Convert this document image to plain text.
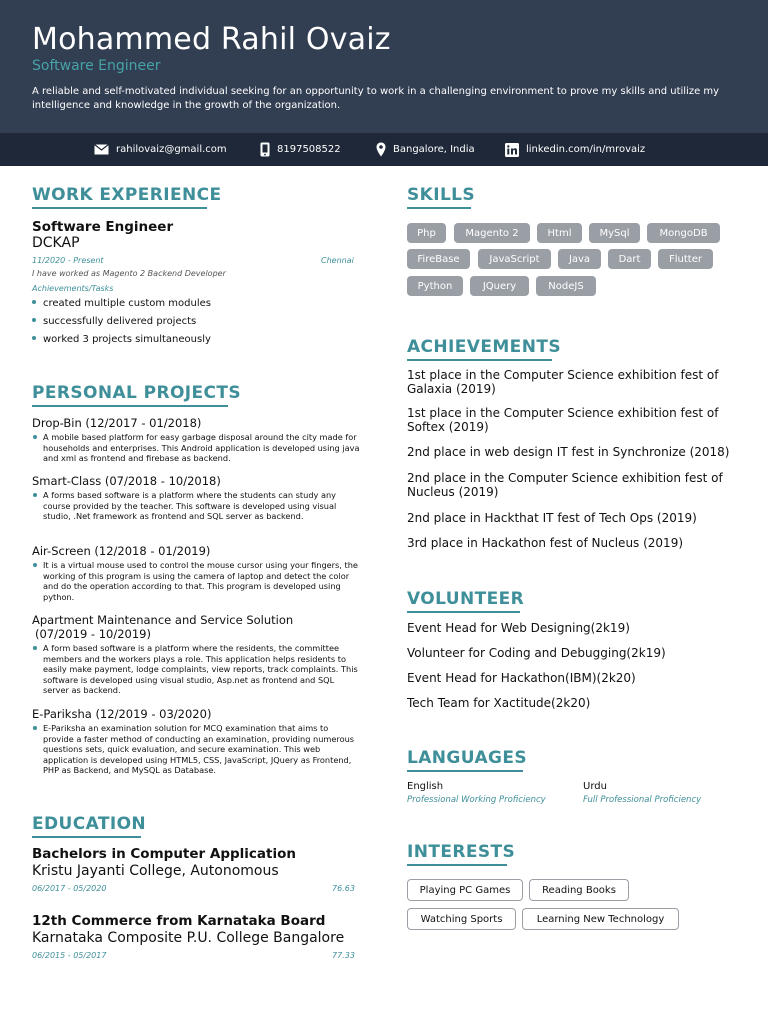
Mohammed Rahil Ovaiz
Software Engineer
A reliable and self-motivated individual seeking for an opportunity to work in a challenging environment to prove my skills and utilize my intelligence and knowledge in the growth of the organization.
rahilovaiz@gmail.com	8197508522	Bangalore, India	linkedin.com/in/mrovaiz
WORK EXPERIENCE
Software Engineer
DCKAP
11/2020 - Present	Chennai
I have worked as Magento 2 Backend Developer
Achievements/Tasks
created multiple custom modules
successfully delivered projects
worked 3 projects simultaneously
PERSONAL PROJECTS
Drop-Bin (12/2017 - 01/2018)
A mobile based platform for easy garbage disposal around the city made for households and enterprises. This Android application is developed using java and xml as frontend and firebase as backend.
Smart-Class (07/2018 - 10/2018)
A forms based software is a platform where the students can study any course provided by the teacher. This software is developed using visual studio, .Net framework as frontend and SQL server as backend.
Air-Screen (12/2018 - 01/2019)
It is a virtual mouse used to control the mouse cursor using your fingers, the working of this program is using the camera of laptop and detect the color and do the operation according to that. This program is developed using python.
Apartment Maintenance and Service Solution
(07/2019 - 10/2019)
A form based software is a platform where the residents, the committee members and the workers plays a role. This application helps residents to easily make payment, lodge complaints, view reports, track complaints. This software is developed using visual studio, Asp.net as frontend and SQL server as backend.
E-Pariksha (12/2019 - 03/2020)
E-Pariksha an examination solution for MCQ examination that aims to provide a faster method of conducting an examination, providing numerous questions sets, quick evaluation, and secure examination. This web application is developed using HTML5, CSS, JavaScript, JQuery as Frontend, PHP as Backend, and MySQL as Database.
EDUCATION
Bachelors in Computer Application
Kristu Jayanti College, Autonomous
06/2017 - 05/2020	76.63
12th Commerce from Karnataka Board
Karnataka Composite P.U. College Bangalore
06/2015 - 05/2017	77.33
SKILLS
Php	Magento 2	Html	MySql	MongoDB
FireBase	JavaScript	Java	Dart	Flutter
Python	JQuery	NodeJS
ACHIEVEMENTS
1st place in the Computer Science exhibition fest of Galaxia (2019)
1st place in the Computer Science exhibition fest of Softex (2019)
2nd place in web design IT fest in Synchronize (2018)
2nd place in the Computer Science exhibition fest of Nucleus (2019)
2nd place in Hackthat IT fest of Tech Ops (2019)
3rd place in Hackathon fest of Nucleus (2019)
VOLUNTEER
Event Head for Web Designing(2k19)
Volunteer for Coding and Debugging(2k19)
Event Head for Hackathon(IBM)(2k20)
Tech Team for Xactitude(2k20)
LANGUAGES
English
Professional Working Proficiency
Urdu
Full Professional Proficiency
INTERESTS
Playing PC Games	Reading Books
Watching Sports	Learning New Technology
